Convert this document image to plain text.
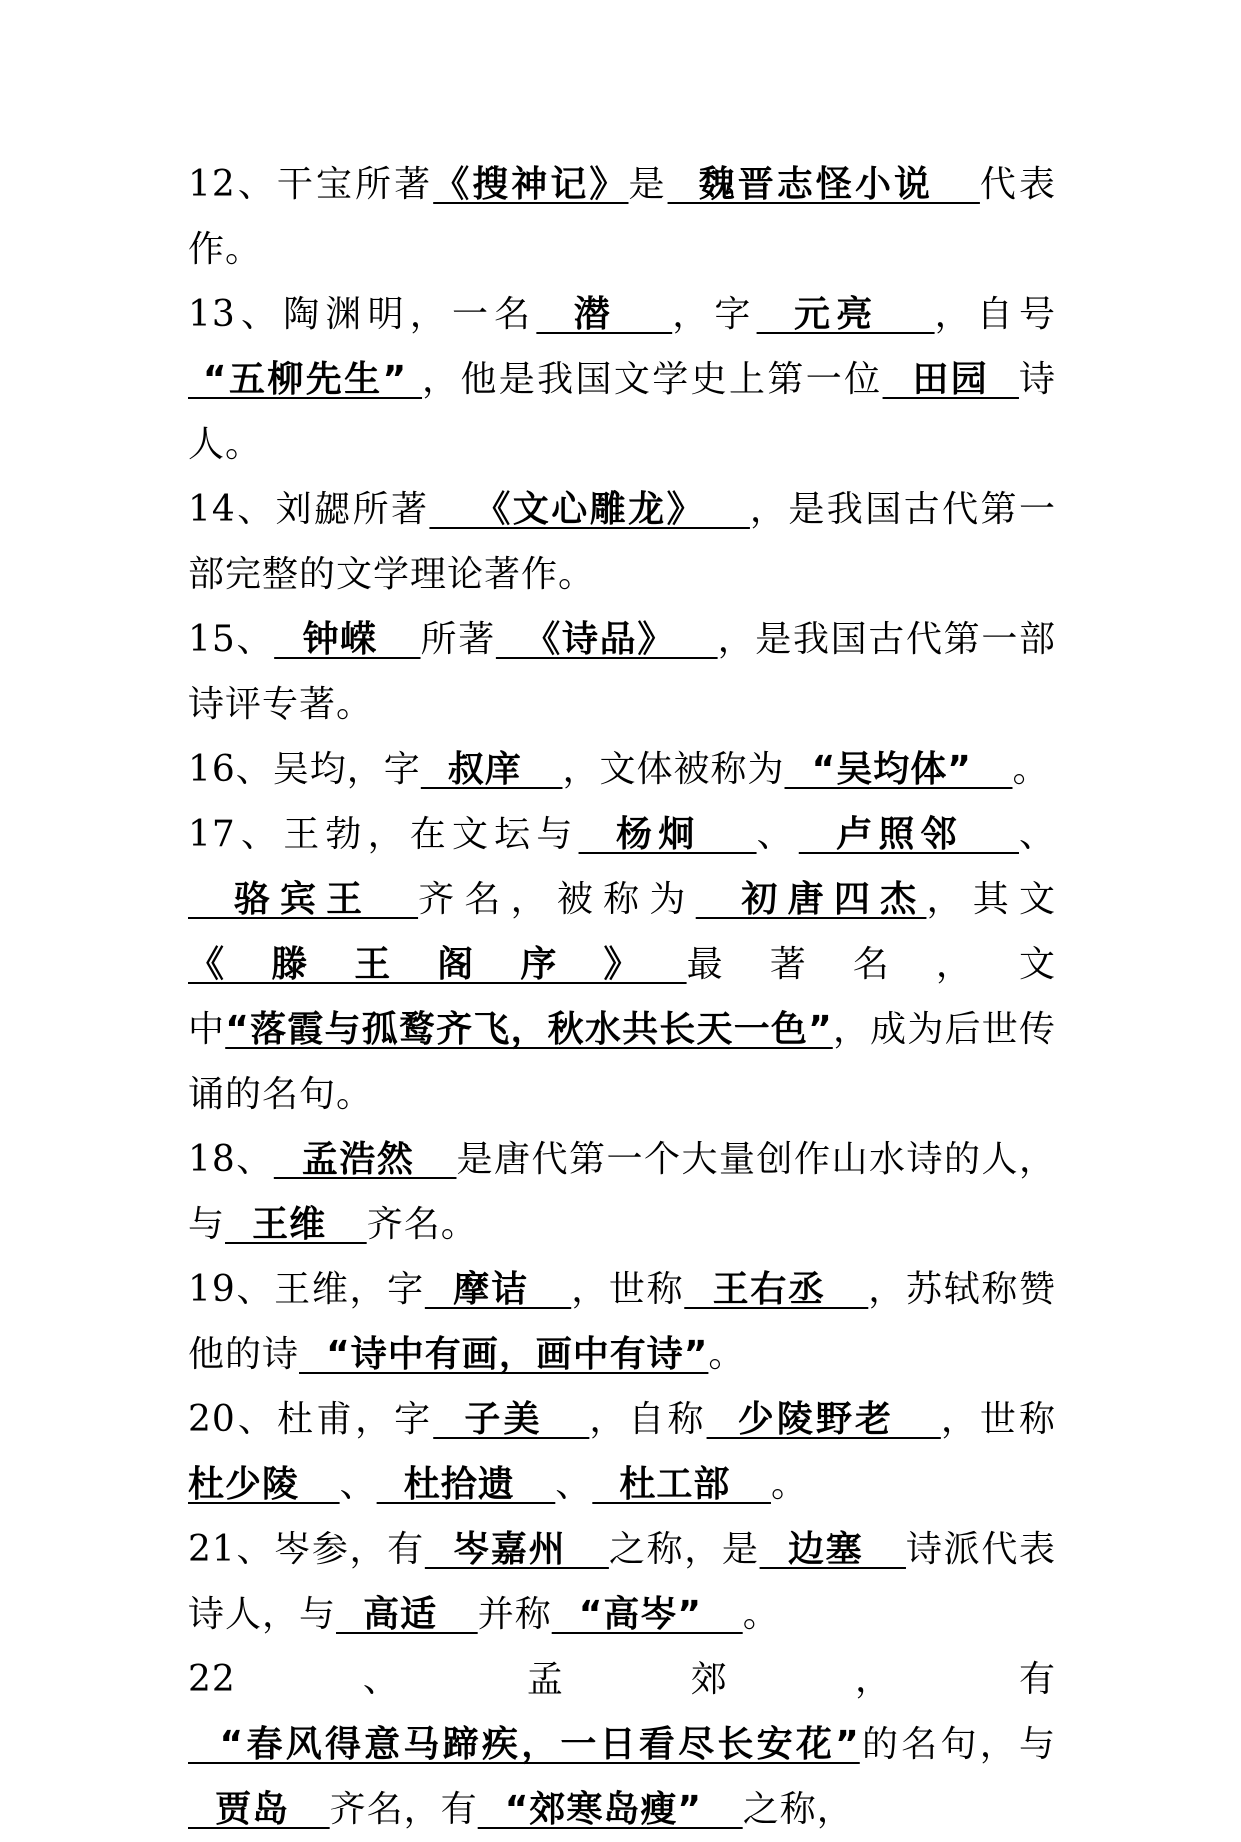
12、干宝所著《搜神记》是  魏晋志怪小说   代表作。

13、陶渊明，一名  潜   ，字  元亮   ，自号 “五柳先生” ，他是我国文学史上第一位  田园  诗人。

14、刘勰所著   《文心雕龙》   ，是我国古代第一部完整的文学理论著作。

15、  钟嵘   所著  《诗品》   ，是我国古代第一部诗评专著。

16、吴均，字  叔庠   ，文体被称为  “吴均体”   。

17、王勃，在文坛与  杨炯   、  卢照邻   、  骆宾王  齐名，被称为  初唐四杰，其文《滕王阁序》最著名，文中“落霞与孤鹜齐飞，秋水共长天一色”，成为后世传诵的名句。

18、  孟浩然   是唐代第一个大量创作山水诗的人，与  王维   齐名。

19、王维，字  摩诘   ，世称  王右丞   ，苏轼称赞他的诗  “诗中有画，画中有诗”。

20、杜甫，字  子美   ，自称  少陵野老   ，世称杜少陵   、  杜拾遗   、  杜工部   。

21、岑参，有  岑嘉州   之称，是  边塞   诗派代表诗人，与  高适   并称  “高岑”   。

22、孟郊，有  “春风得意马蹄疾，一日看尽长安花”的名句，与  贾岛   齐名，有  “郊寒岛瘦”   之称，
